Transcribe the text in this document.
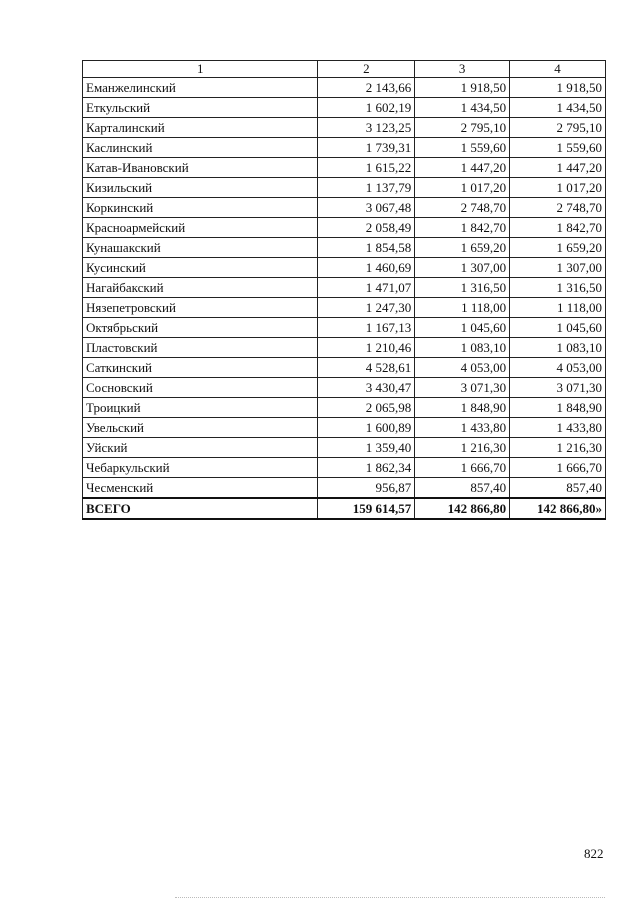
1	2	3	4
Еманжелинский	2 143,66	1 918,50	1 918,50
Еткульский	1 602,19	1 434,50	1 434,50
Карталинский	3 123,25	2 795,10	2 795,10
Каслинский	1 739,31	1 559,60	1 559,60
Катав-Ивановский	1 615,22	1 447,20	1 447,20
Кизильский	1 137,79	1 017,20	1 017,20
Коркинский	3 067,48	2 748,70	2 748,70
Красноармейский	2 058,49	1 842,70	1 842,70
Кунашакский	1 854,58	1 659,20	1 659,20
Кусинский	1 460,69	1 307,00	1 307,00
Нагайбакский	1 471,07	1 316,50	1 316,50
Нязепетровский	1 247,30	1 118,00	1 118,00
Октябрьский	1 167,13	1 045,60	1 045,60
Пластовский	1 210,46	1 083,10	1 083,10
Саткинский	4 528,61	4 053,00	4 053,00
Сосновский	3 430,47	3 071,30	3 071,30
Троицкий	2 065,98	1 848,90	1 848,90
Увельский	1 600,89	1 433,80	1 433,80
Уйский	1 359,40	1 216,30	1 216,30
Чебаркульский	1 862,34	1 666,70	1 666,70
Чесменский	956,87	857,40	857,40
ВСЕГО	159 614,57	142 866,80	142 866,80»
822
